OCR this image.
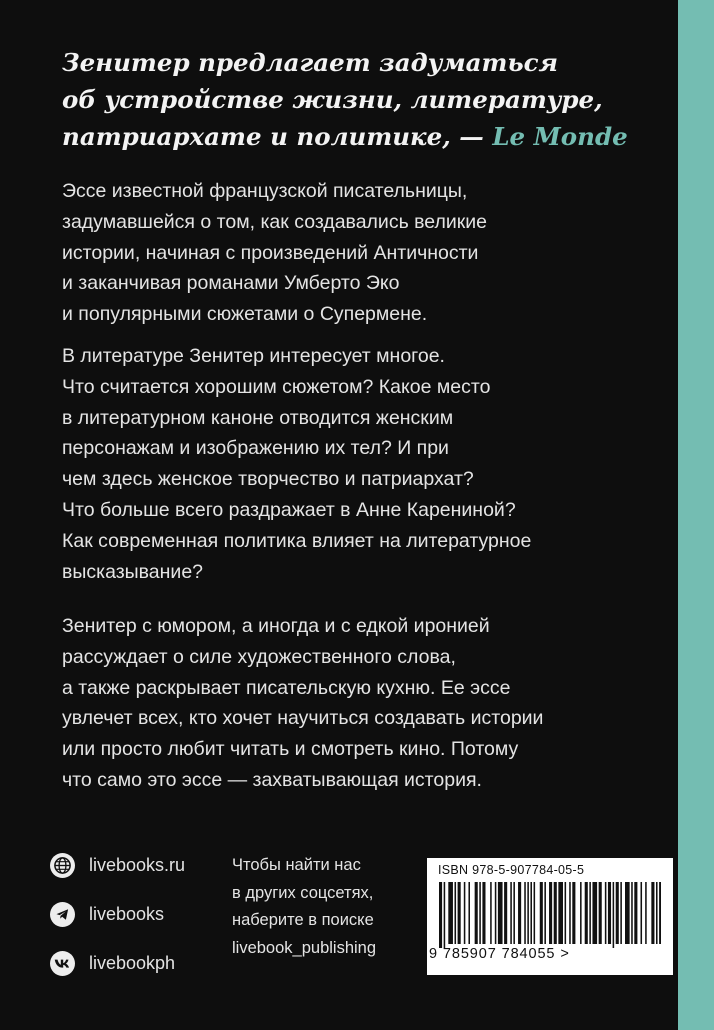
Зенитер предлагает задуматься
об устройстве жизни, литературе,
патриархате и политике, — Le Monde
Эссе известной французской писательницы,
задумавшейся о том, как создавались великие
истории, начиная с произведений Античности
и заканчивая романами Умберто Эко
и популярными сюжетами о Супермене.
В литературе Зенитер интересует многое.
Что считается хорошим сюжетом? Какое место
в литературном каноне отводится женским
персонажам и изображению их тел? И при
чем здесь женское творчество и патриархат?
Что больше всего раздражает в Анне Карениной?
Как современная политика влияет на литературное
высказывание?
Зенитер с юмором, а иногда и с едкой иронией
рассуждает о силе художественного слова,
а также раскрывает писательскую кухню. Ее эссе
увлечет всех, кто хочет научиться создавать истории
или просто любит читать и смотреть кино. Потому
что само это эссе — захватывающая история.
livebooks.ru
livebooks
livebookph
Чтобы найти нас
в других соцсетях,
наберите в поиске
livebook_publishing
ISBN 978-5-907784-05-5
9 785907 784055 >
